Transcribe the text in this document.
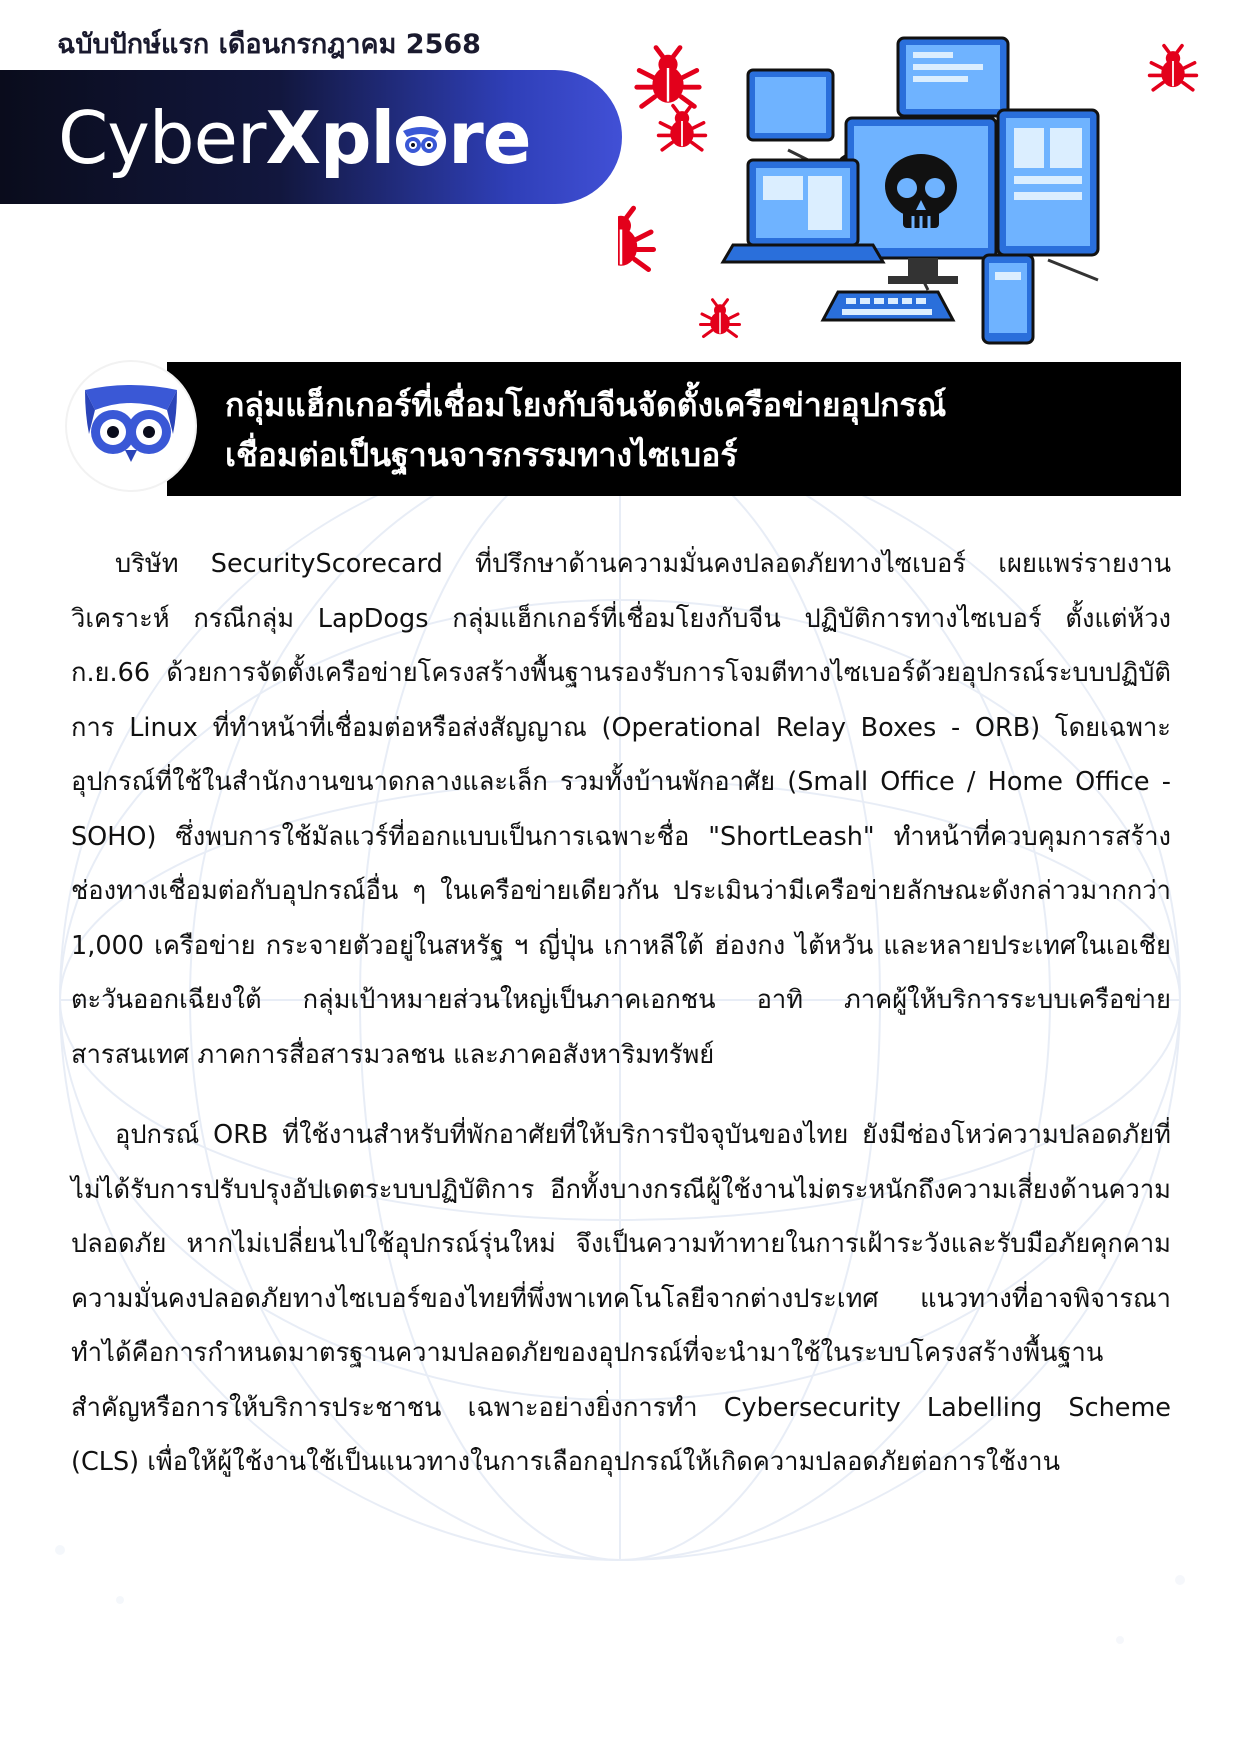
ฉบับปักษ์แรก เดือนกรกฎาคม 2568
CyberXpl re
กลุ่มแฮ็กเกอร์ที่เชื่อมโยงกับจีนจัดตั้งเครือข่ายอุปกรณ์
เชื่อมต่อเป็นฐานจารกรรมทางไซเบอร์

บริษัท SecurityScorecard ที่ปรึกษาด้านความมั่นคงปลอดภัยทางไซเบอร์ เผยแพร่รายงานวิเคราะห์ กรณีกลุ่ม LapDogs กลุ่มแฮ็กเกอร์ที่เชื่อมโยงกับจีน ปฏิบัติการทางไซเบอร์ ตั้งแต่ห้วง ก.ย.66 ด้วยการจัดตั้งเครือข่ายโครงสร้างพื้นฐานรองรับการโจมตีทางไซเบอร์ด้วยอุปกรณ์ระบบปฏิบัติการ Linux ที่ทำหน้าที่เชื่อมต่อหรือส่งสัญญาณ (Operational Relay Boxes - ORB) โดยเฉพาะอุปกรณ์ที่ใช้ในสำนักงานขนาดกลางและเล็ก รวมทั้งบ้านพักอาศัย (Small Office / Home Office - SOHO) ซึ่งพบการใช้มัลแวร์ที่ออกแบบเป็นการเฉพาะชื่อ "ShortLeash" ทำหน้าที่ควบคุมการสร้างช่องทางเชื่อมต่อกับอุปกรณ์อื่น ๆ ในเครือข่ายเดียวกัน ประเมินว่ามีเครือข่ายลักษณะดังกล่าวมากกว่า 1,000 เครือข่าย กระจายตัวอยู่ในสหรัฐ ฯ ญี่ปุ่น เกาหลีใต้ ฮ่องกง ไต้หวัน และหลายประเทศในเอเชียตะวันออกเฉียงใต้ กลุ่มเป้าหมายส่วนใหญ่เป็นภาคเอกชน อาทิ ภาคผู้ให้บริการระบบเครือข่ายสารสนเทศ ภาคการสื่อสารมวลชน และภาคอสังหาริมทรัพย์

อุปกรณ์ ORB ที่ใช้งานสำหรับที่พักอาศัยที่ให้บริการปัจจุบันของไทย ยังมีช่องโหว่ความปลอดภัยที่ไม่ได้รับการปรับปรุงอัปเดตระบบปฏิบัติการ อีกทั้งบางกรณีผู้ใช้งานไม่ตระหนักถึงความเสี่ยงด้านความปลอดภัย หากไม่เปลี่ยนไปใช้อุปกรณ์รุ่นใหม่ จึงเป็นความท้าทายในการเฝ้าระวังและรับมือภัยคุกคามความมั่นคงปลอดภัยทางไซเบอร์ของไทยที่พึ่งพาเทคโนโลยีจากต่างประเทศ แนวทางที่อาจพิจารณาทำได้คือการกำหนดมาตรฐานความปลอดภัยของอุปกรณ์ที่จะนำมาใช้ในระบบโครงสร้างพื้นฐานสำคัญหรือการให้บริการประชาชน เฉพาะอย่างยิ่งการทำ Cybersecurity Labelling Scheme (CLS) เพื่อให้ผู้ใช้งานใช้เป็นแนวทางในการเลือกอุปกรณ์ให้เกิดความปลอดภัยต่อการใช้งาน
